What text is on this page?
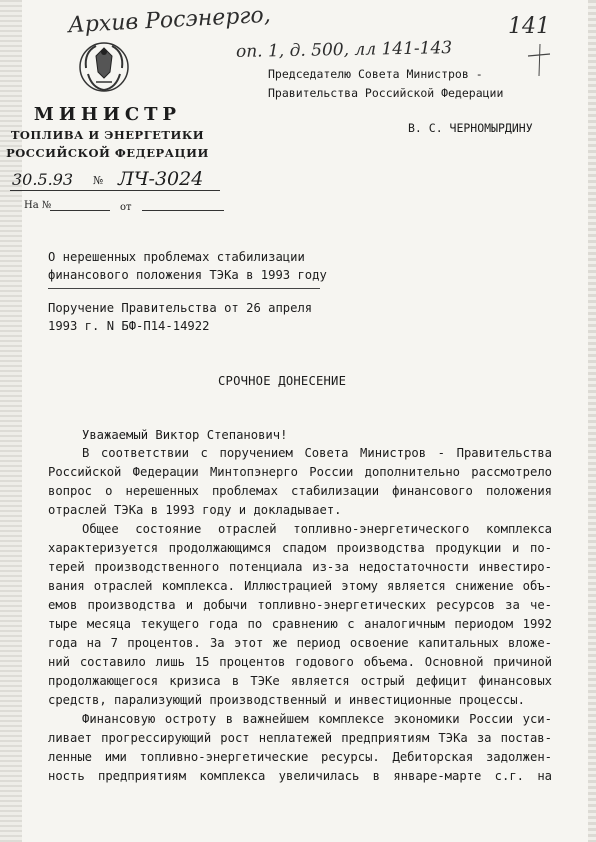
Архив Росэнерго,	141
оп. 1, д. 500, лл 141-143
МИНИСТР
ТОПЛИВА И ЭНЕРГЕТИКИ
РОССИЙСКОЙ ФЕДЕРАЦИИ
30.5.93 № ЛЧ-3024
На №	от
Председателю Совета Министров -
Правительства Российской Федерации
В. С. ЧЕРНОМЫРДИНУ
О нерешенных проблемах стабилизации
финансового положения ТЭКа в 1993 году
Поручение Правительства от 26 апреля
1993 г. N БФ-П14-14922
СРОЧНОЕ ДОНЕСЕНИЕ
Уважаемый Виктор Степанович!
В соответствии с поручением Совета Министров - Правительства
Российской Федерации Минтопэнерго России дополнительно рассмотрело
вопрос о нерешенных проблемах стабилизации финансового положения
отраслей ТЭКа в 1993 году и докладывает.
Общее состояние отраслей топливно-энергетического комплекса
характеризуется продолжающимся спадом производства продукции и по-
терей производственного потенциала из-за недостаточности инвестиро-
вания отраслей комплекса. Иллюстрацией этому является снижение объ-
емов производства и добычи топливно-энергетических ресурсов за че-
тыре месяца текущего года по сравнению с аналогичным периодом 1992
года на 7 процентов. За этот же период освоение капитальных вложе-
ний составило лишь 15 процентов годового объема. Основной причиной
продолжающегося кризиса в ТЭКе является острый дефицит финансовых
средств, парализующий производственный и инвестиционные процессы.
Финансовую остроту в важнейшем комплексе экономики России уси-
ливает прогрессирующий рост неплатежей предприятиям ТЭКа за постав-
ленные ими топливно-энергетические ресурсы. Дебиторская задолжен-
ность предприятиям комплекса увеличилась в январе-марте с.г. на
